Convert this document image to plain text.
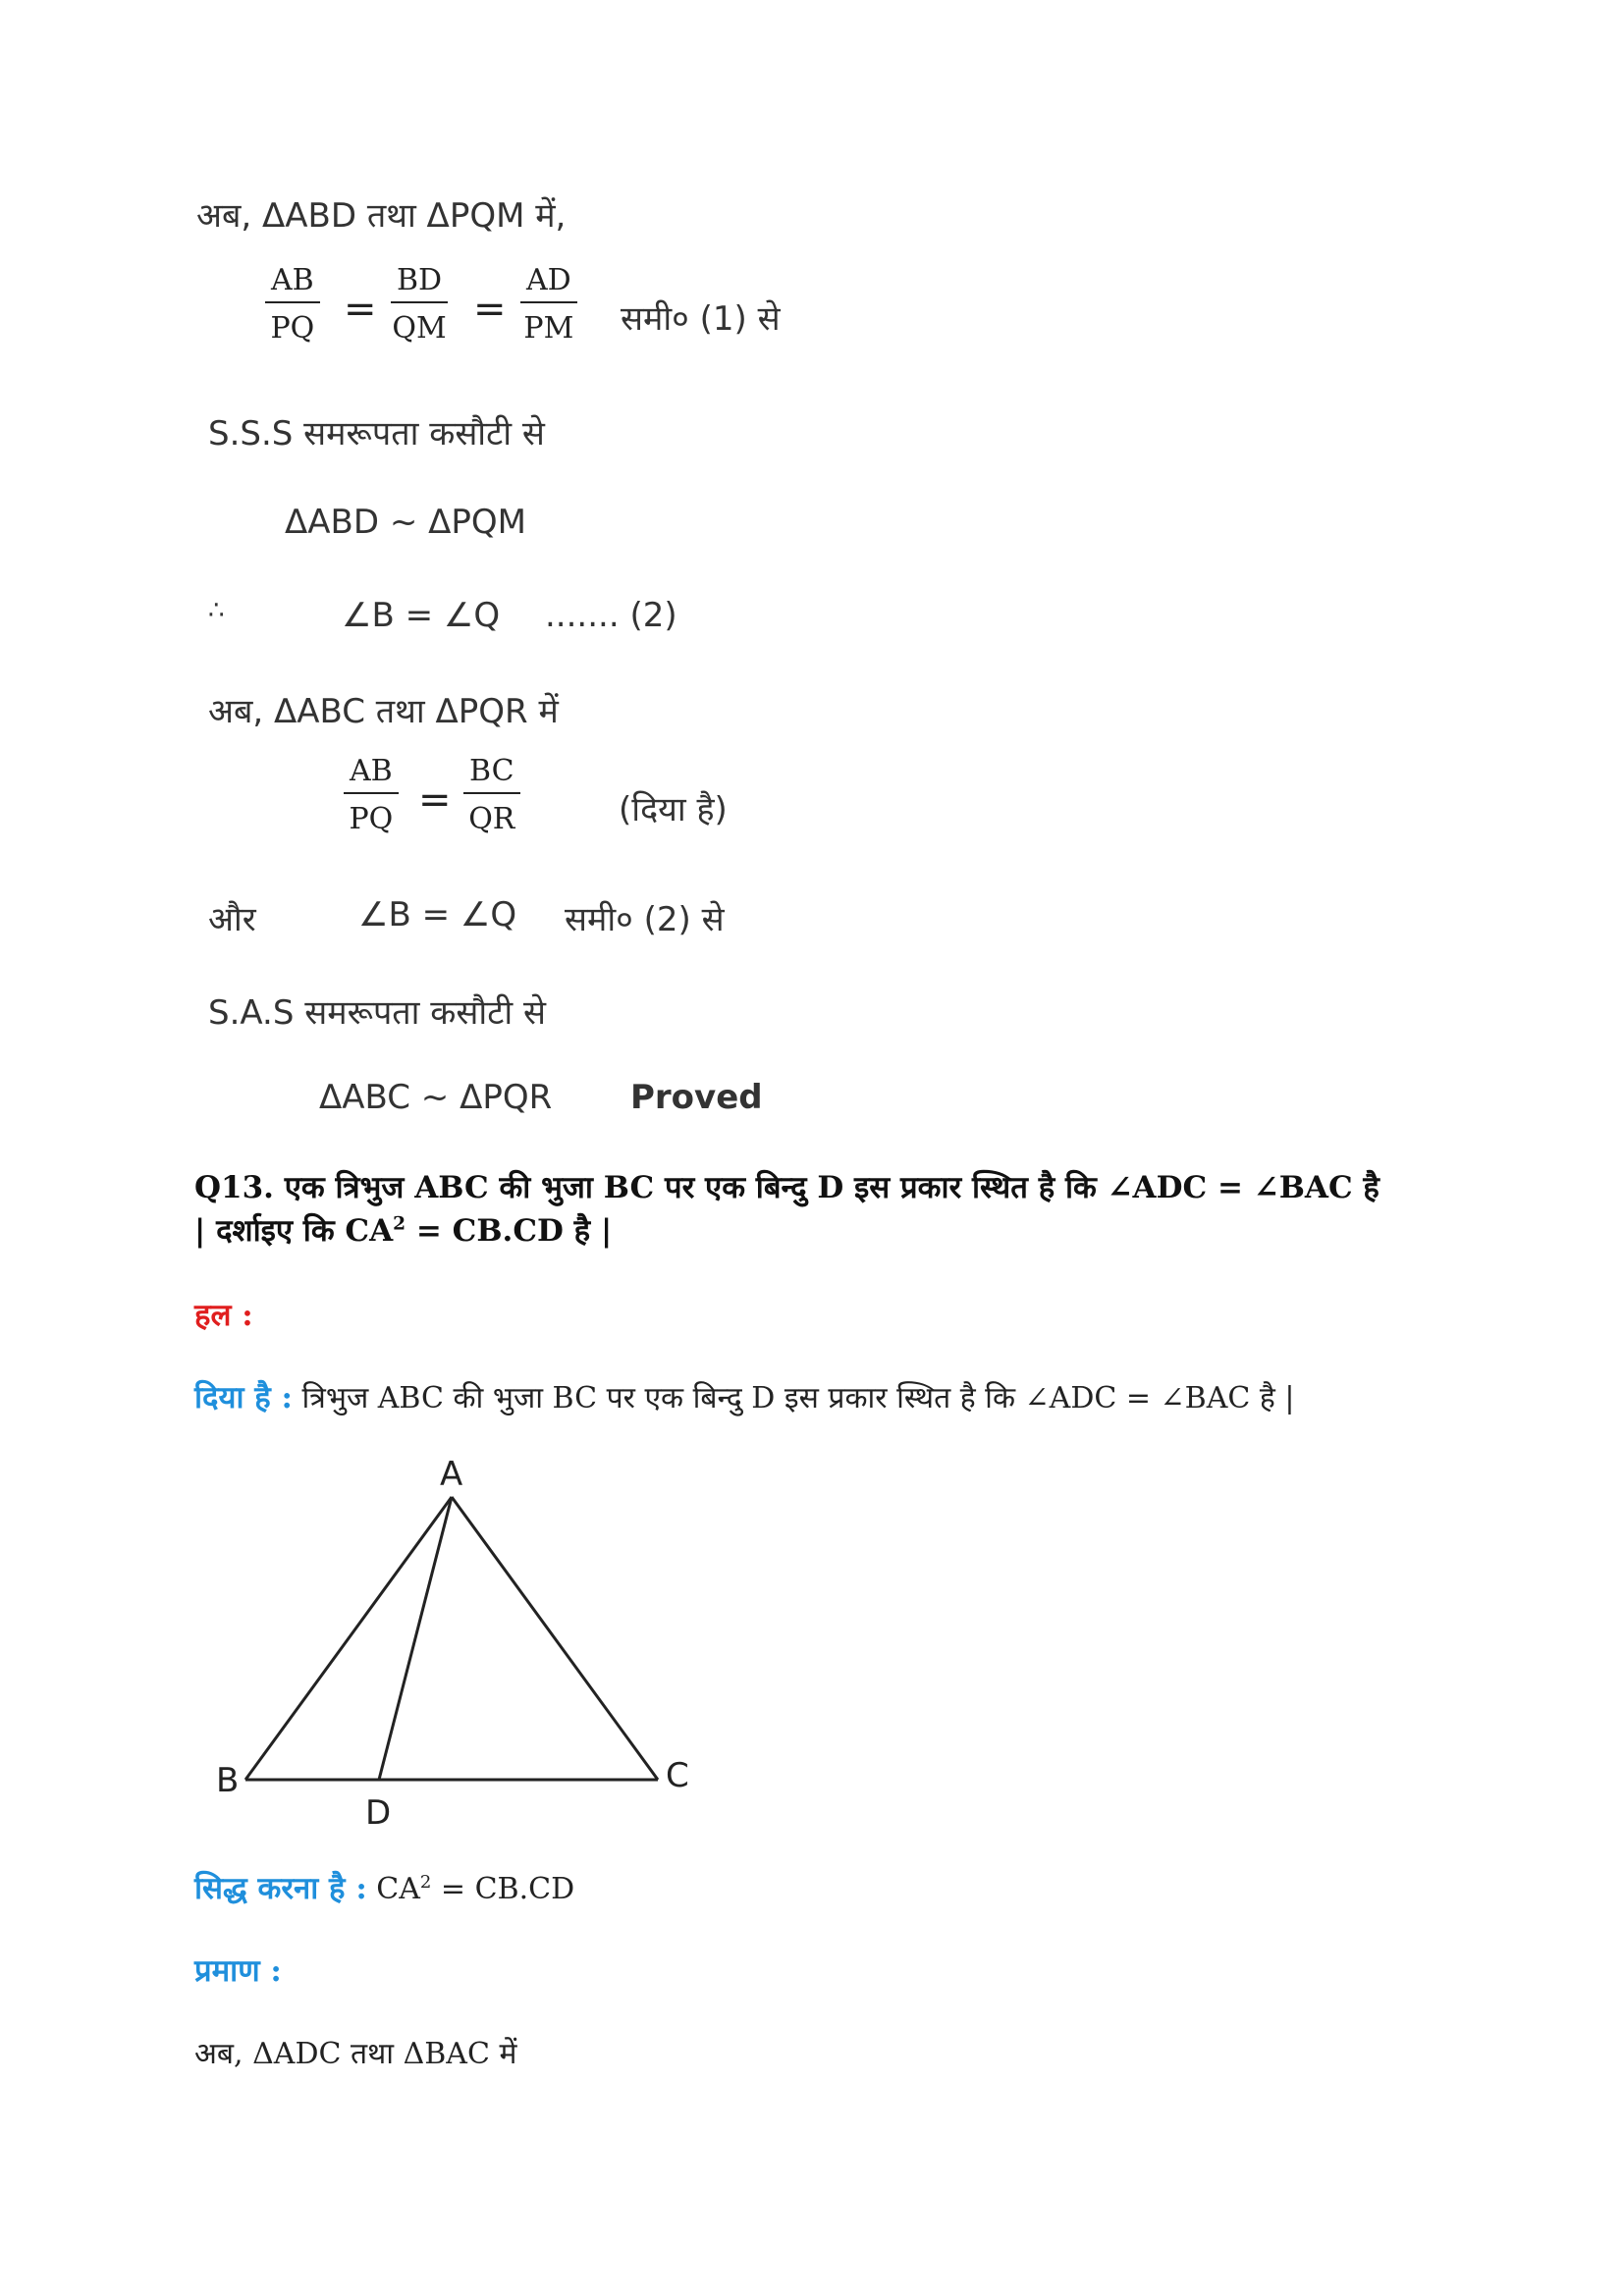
अब, ΔABD तथा ΔPQM में,
$\frac{AB}{PQ} = \frac{BD}{QM} = \frac{AD}{PM}$ समी० (1) से
S.S.S समरूपता कसौटी से
ΔABD ~ ΔPQM
∴	∠B = ∠Q ....... (2)
अब, ΔABC तथा ΔPQR में
$\frac{AB}{PQ} = \frac{BC}{QR}$	(दिया है)
और	∠B = ∠Q समी० (2) से
S.A.S समरूपता कसौटी से
ΔABC ~ ΔPQR Proved
Q13. एक त्रिभुज ABC की भुजा BC पर एक बिन्दु D इस प्रकार स्थित है कि ∠ADC = ∠BAC है
| दर्शाइए कि $CA^2 = CB.CD$ है |
हल :
दिया है : त्रिभुज ABC की भुजा BC पर एक बिन्दु D इस प्रकार स्थित है कि ∠ADC = ∠BAC है |
A
B	C
D
सिद्ध करना है : $CA^2 = CB.CD$
प्रमाण :
अब, ΔADC तथा ΔBAC में
